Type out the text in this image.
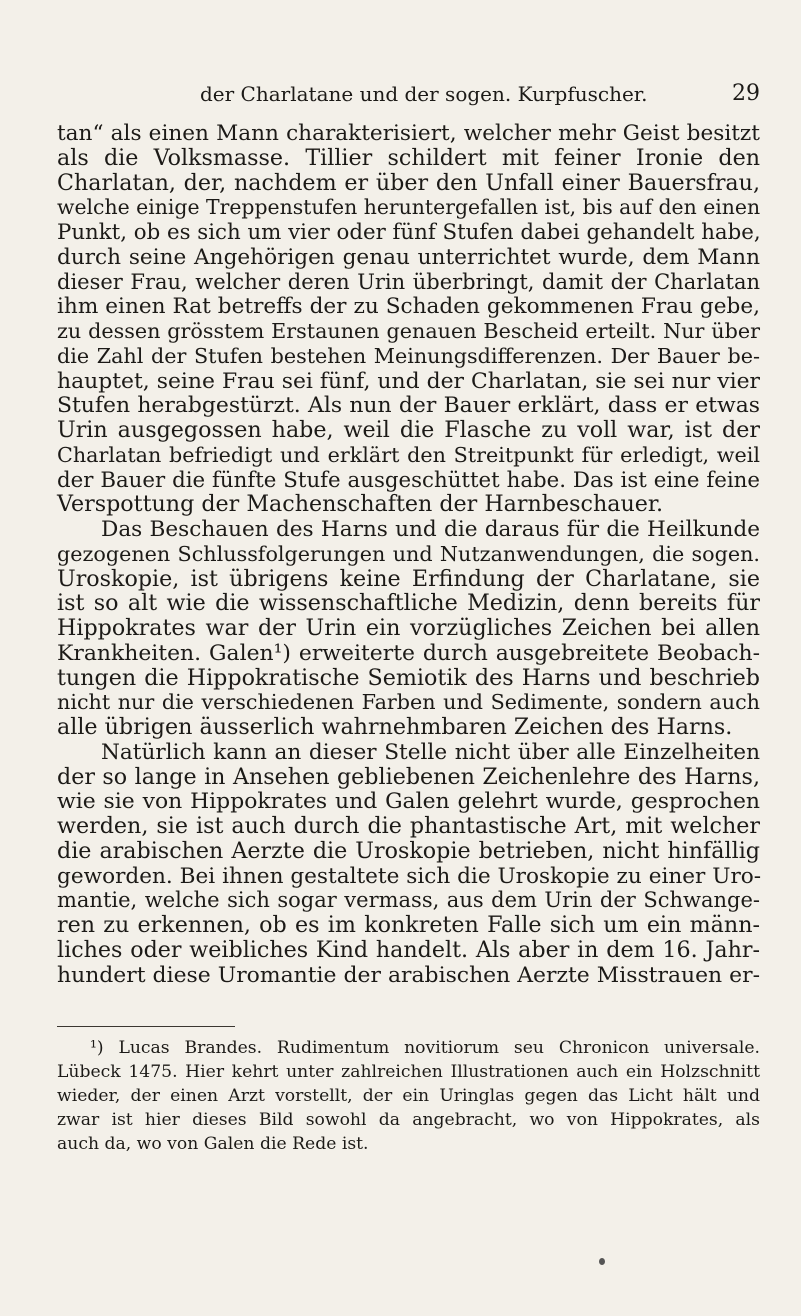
der Charlatane und der sogen. Kurpfuscher.	29
tan“ als einen Mann charakterisiert, welcher mehr Geist besitzt
als die Volksmasse. Tillier schildert mit feiner Ironie den
Charlatan, der, nachdem er über den Unfall einer Bauersfrau,
welche einige Treppenstufen heruntergefallen ist, bis auf den einen
Punkt, ob es sich um vier oder fünf Stufen dabei gehandelt habe,
durch seine Angehörigen genau unterrichtet wurde, dem Mann
dieser Frau, welcher deren Urin überbringt, damit der Charlatan
ihm einen Rat betreffs der zu Schaden gekommenen Frau gebe,
zu dessen grösstem Erstaunen genauen Bescheid erteilt. Nur über
die Zahl der Stufen bestehen Meinungsdifferenzen. Der Bauer be-
hauptet, seine Frau sei fünf, und der Charlatan, sie sei nur vier
Stufen herabgestürzt. Als nun der Bauer erklärt, dass er etwas
Urin ausgegossen habe, weil die Flasche zu voll war, ist der
Charlatan befriedigt und erklärt den Streitpunkt für erledigt, weil
der Bauer die fünfte Stufe ausgeschüttet habe. Das ist eine feine
Verspottung der Machenschaften der Harnbeschauer.
Das Beschauen des Harns und die daraus für die Heilkunde
gezogenen Schlussfolgerungen und Nutzanwendungen, die sogen.
Uroskopie, ist übrigens keine Erfindung der Charlatane, sie
ist so alt wie die wissenschaftliche Medizin, denn bereits für
Hippokrates war der Urin ein vorzügliches Zeichen bei allen
Krankheiten. Galen¹) erweiterte durch ausgebreitete Beobach-
tungen die Hippokratische Semiotik des Harns und beschrieb
nicht nur die verschiedenen Farben und Sedimente, sondern auch
alle übrigen äusserlich wahrnehmbaren Zeichen des Harns.
Natürlich kann an dieser Stelle nicht über alle Einzelheiten
der so lange in Ansehen gebliebenen Zeichenlehre des Harns,
wie sie von Hippokrates und Galen gelehrt wurde, gesprochen
werden, sie ist auch durch die phantastische Art, mit welcher
die arabischen Aerzte die Uroskopie betrieben, nicht hinfällig
geworden. Bei ihnen gestaltete sich die Uroskopie zu einer Uro-
mantie, welche sich sogar vermass, aus dem Urin der Schwange-
ren zu erkennen, ob es im konkreten Falle sich um ein männ-
liches oder weibliches Kind handelt. Als aber in dem 16. Jahr-
hundert diese Uromantie der arabischen Aerzte Misstrauen er-
¹) Lucas Brandes. Rudimentum novitiorum seu Chronicon universale.
Lübeck 1475. Hier kehrt unter zahlreichen Illustrationen auch ein Holzschnitt
wieder, der einen Arzt vorstellt, der ein Uringlas gegen das Licht hält und
zwar ist hier dieses Bild sowohl da angebracht, wo von Hippokrates, als
auch da, wo von Galen die Rede ist.
